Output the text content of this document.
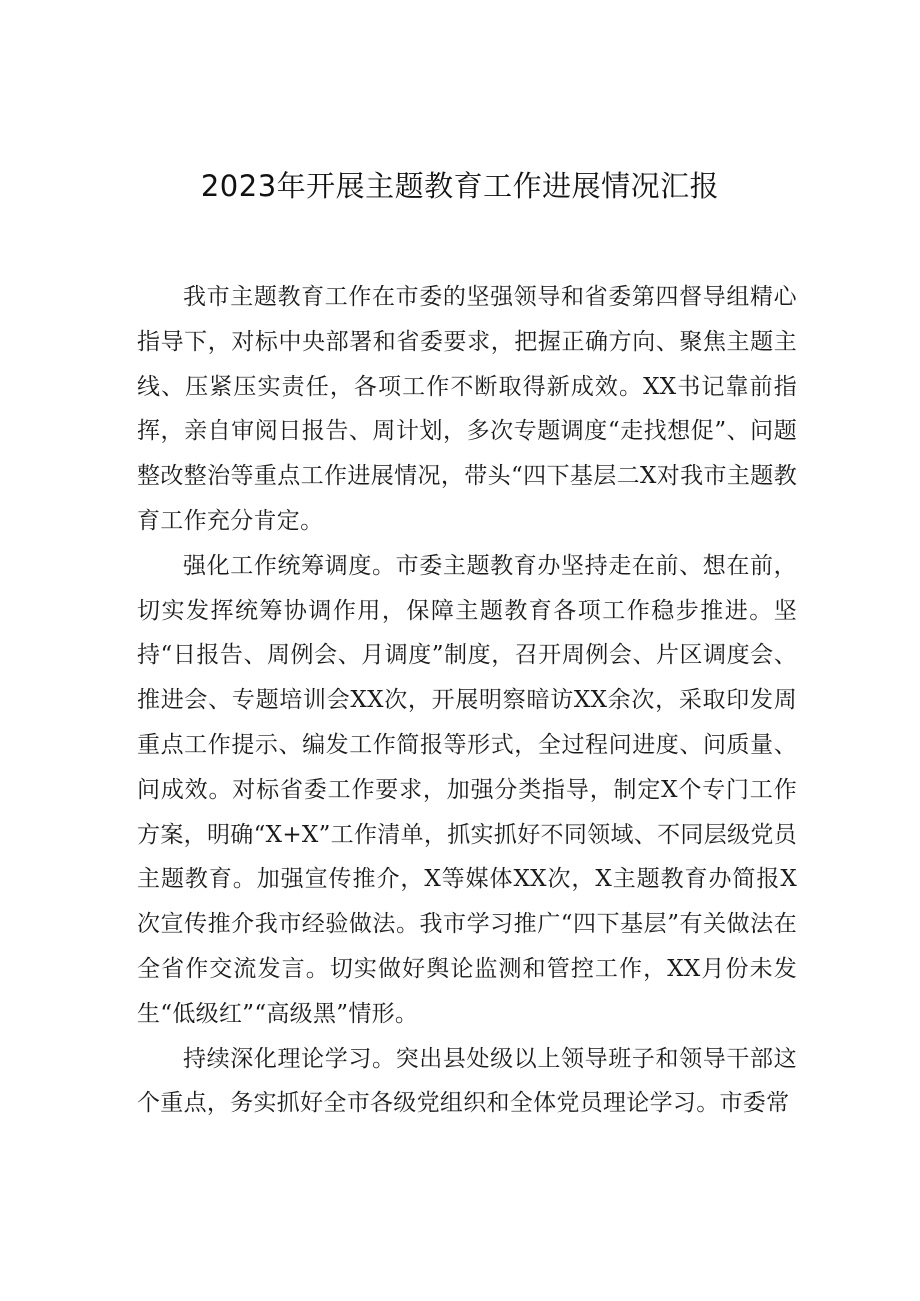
2023年开展主题教育工作进展情况汇报

我市主题教育工作在市委的坚强领导和省委第四督导组精心指导下，对标中央部署和省委要求，把握正确方向、聚焦主题主线、压紧压实责任，各项工作不断取得新成效。XX书记靠前指挥，亲自审阅日报告、周计划，多次专题调度“走找想促”、问题整改整治等重点工作进展情况，带头“四下基层二X对我市主题教育工作充分肯定。

强化工作统筹调度。市委主题教育办坚持走在前、想在前，切实发挥统筹协调作用，保障主题教育各项工作稳步推进。坚持“日报告、周例会、月调度”制度，召开周例会、片区调度会、推进会、专题培训会XX次，开展明察暗访XX余次，采取印发周重点工作提示、编发工作简报等形式，全过程问进度、问质量、问成效。对标省委工作要求，加强分类指导，制定X个专门工作方案，明确“X+X”工作清单，抓实抓好不同领域、不同层级党员主题教育。加强宣传推介，X等媒体XX次，X主题教育办简报X次宣传推介我市经验做法。我市学习推广“四下基层”有关做法在全省作交流发言。切实做好舆论监测和管控工作，XX月份未发生“低级红”“高级黑”情形。

持续深化理论学习。突出县处级以上领导班子和领导干部这个重点，务实抓好全市各级党组织和全体党员理论学习。市委常
